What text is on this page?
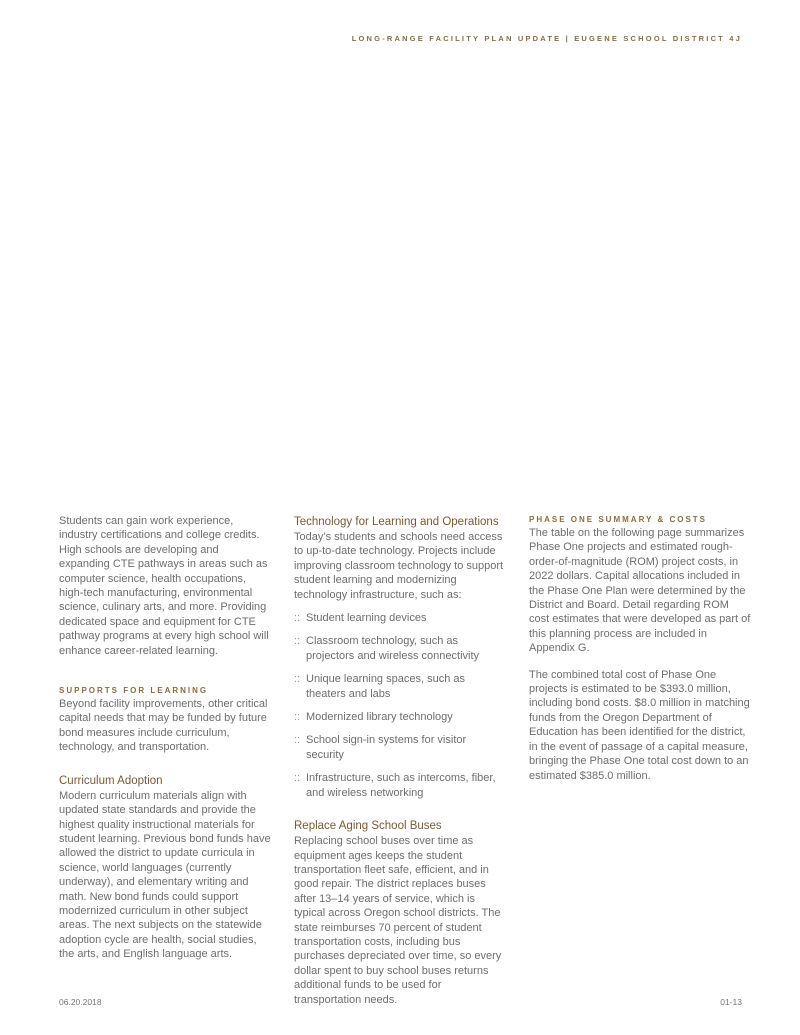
LONG-RANGE FACILITY PLAN UPDATE | EUGENE SCHOOL DISTRICT 4J

Students can gain work experience, industry certifications and college credits. High schools are developing and expanding CTE pathways in areas such as computer science, health occupations, high-tech manufacturing, environmental science, culinary arts, and more. Providing dedicated space and equipment for CTE pathway programs at every high school will enhance career-related learning.

SUPPORTS FOR LEARNING

Beyond facility improvements, other critical capital needs that may be funded by future bond measures include curriculum, technology, and transportation.

Curriculum Adoption

Modern curriculum materials align with updated state standards and provide the highest quality instructional materials for student learning. Previous bond funds have allowed the district to update curricula in science, world languages (currently underway), and elementary writing and math. New bond funds could support modernized curriculum in other subject areas. The next subjects on the statewide adoption cycle are health, social studies, the arts, and English language arts.

Technology for Learning and Operations

Today’s students and schools need access to up-to-date technology. Projects include improving classroom technology to support student learning and modernizing technology infrastructure, such as:

:: Student learning devices
:: Classroom technology, such as projectors and wireless connectivity
:: Unique learning spaces, such as theaters and labs
:: Modernized library technology
:: School sign-in systems for visitor security
:: Infrastructure, such as intercoms, fiber, and wireless networking

Replace Aging School Buses

Replacing school buses over time as equipment ages keeps the student transportation fleet safe, efficient, and in good repair. The district replaces buses after 13–14 years of service, which is typical across Oregon school districts. The state reimburses 70 percent of student transportation costs, including bus purchases depreciated over time, so every dollar spent to buy school buses returns additional funds to be used for transportation needs.

PHASE ONE SUMMARY & COSTS

The table on the following page summarizes Phase One projects and estimated rough-order-of-magnitude (ROM) project costs, in 2022 dollars. Capital allocations included in the Phase One Plan were determined by the District and Board. Detail regarding ROM cost estimates that were developed as part of this planning process are included in Appendix G.

The combined total cost of Phase One projects is estimated to be $393.0 million, including bond costs. $8.0 million in matching funds from the Oregon Department of Education has been identified for the district, in the event of passage of a capital measure, bringing the Phase One total cost down to an estimated $385.0 million.

06.20.2018	01-13
